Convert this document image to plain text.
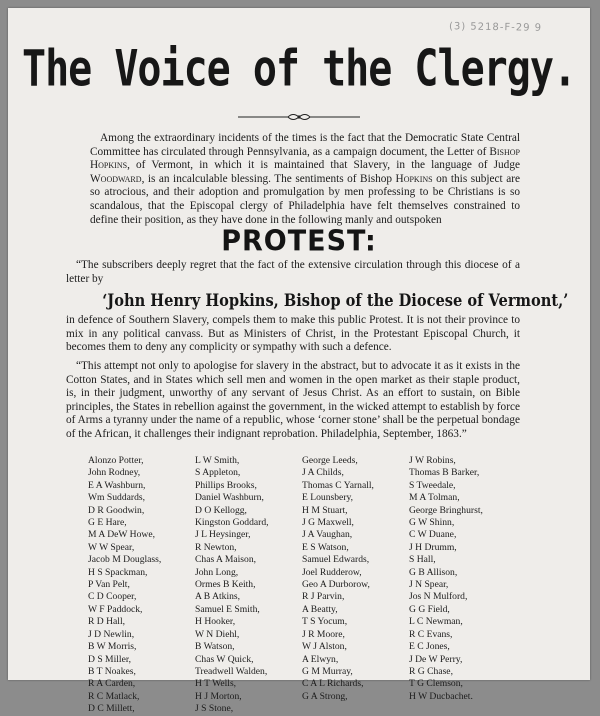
(3) 5218-F-29 9
The Voice of the Clergy.
Among the extraordinary incidents of the times is the fact that the Democratic State Central Committee has circulated through Pennsylvania, as a campaign document, the Letter of Bishop Hopkins, of Vermont, in which it is maintained that Slavery, in the language of Judge Woodward, is an incalculable blessing. The sentiments of Bishop Hopkins on this subject are so atrocious, and their adoption and promulgation by men professing to be Christians is so scandalous, that the Episcopal clergy of Philadelphia have felt themselves constrained to define their position, as they have done in the following manly and outspoken
PROTEST:
“The subscribers deeply regret that the fact of the extensive circulation through this diocese of a letter by
‘John Henry Hopkins, Bishop of the Diocese of Vermont,’
in defence of Southern Slavery, compels them to make this public Protest. It is not their province to mix in any political canvass. But as Ministers of Christ, in the Protestant Episcopal Church, it becomes them to deny any complicity or sympathy with such a defence.
“This attempt not only to apologise for slavery in the abstract, but to advocate it as it exists in the Cotton States, and in States which sell men and women in the open market as their staple product, is, in their judgment, unworthy of any servant of Jesus Christ. As an effort to sustain, on Bible principles, the States in rebellion against the government, in the wicked attempt to establish by force of Arms a tyranny under the name of a republic, whose ‘corner stone’ shall be the perpetual bondage of the African, it challenges their indignant reprobation. Philadelphia, September, 1863.”
Alonzo Potter,
John Rodney,
E A Washburn,
Wm Suddards,
D R Goodwin,
G E Hare,
M A DeW Howe,
W W Spear,
Jacob M Douglass,
H S Spackman,
P Van Pelt,
C D Cooper,
W F Paddock,
R D Hall,
J D Newlin,
B W Morris,
D S Miller,
B T Noakes,
R A Carden,
R C Matlack,
D C Millett,
L W Smith,
S Appleton,
Phillips Brooks,
Daniel Washburn,
D O Kellogg,
Kingston Goddard,
J L Heysinger,
R Newton,
Chas A Maison,
John Long,
Ormes B Keith,
A B Atkins,
Samuel E Smith,
H Hooker,
W N Diehl,
B Watson,
Chas W Quick,
Treadwell Walden,
H T Wells,
H J Morton,
J S Stone,
George Leeds,
J A Childs,
Thomas C Yarnall,
E Lounsbery,
H M Stuart,
J G Maxwell,
J A Vaughan,
E S Watson,
Samuel Edwards,
Joel Rudderow,
Geo A Durborow,
R J Parvin,
A Beatty,
T S Yocum,
J R Moore,
W J Alston,
A Elwyn,
G M Murray,
C A L Richards,
G A Strong,
J W Robins,
Thomas B Barker,
S Tweedale,
M A Tolman,
George Bringhurst,
G W Shinn,
C W Duane,
J H Drumm,
S Hall,
G B Allison,
J N Spear,
Jos N Mulford,
G G Field,
L C Newman,
R C Evans,
E C Jones,
J De W Perry,
R G Chase,
T G Clemson,
H W Ducbachet.
